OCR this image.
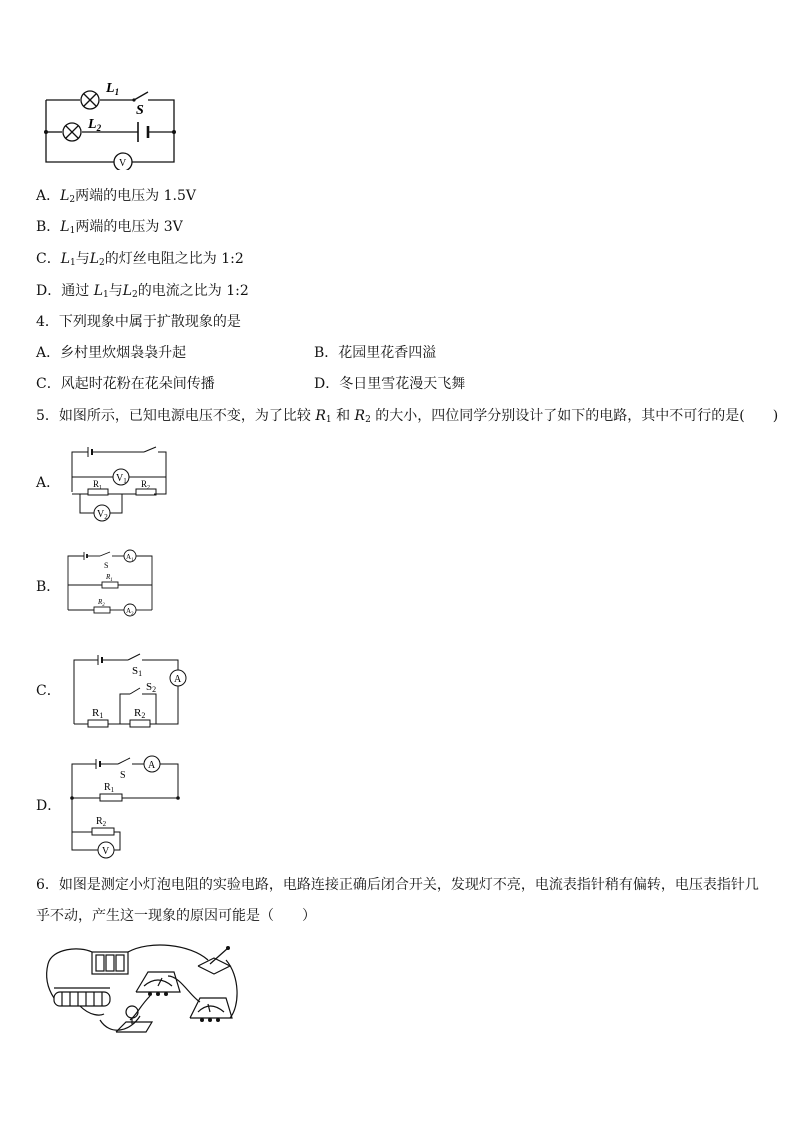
$L_1$
S
$L_2$
V
A．$L_2$两端的电压为 1.5V
B．$L_1$两端的电压为 3V
C．$L_1$与$L_2$的灯丝电阻之比为 1:2
D．通过 $L_1$与$L_2$的电流之比为 1:2
4．下列现象中属于扩散现象的是
A．乡村里炊烟袅袅升起	B．花园里花香四溢
C．风起时花粉在花朵间传播	D．冬日里雪花漫天飞舞
5．如图所示，已知电源电压不变，为了比较 $R_1$ 和 $R_2$ 的大小，四位同学分别设计了如下的电路，其中不可行的是(　　)
A．	$V_1$
$V_2$
$R_1$	$R_2$
B．
S
$A_1$
$R_1$
$R_2$
$A_2$
C．
S1
S2
A
R1	R2
D．
S
A
$R_1$
$R_2$
V
6．如图是测定小灯泡电阻的实验电路，电路连接正确后闭合开关，发现灯不亮，电流表指针稍有偏转，电压表指针几
乎不动，产生这一现象的原因可能是（　　）
